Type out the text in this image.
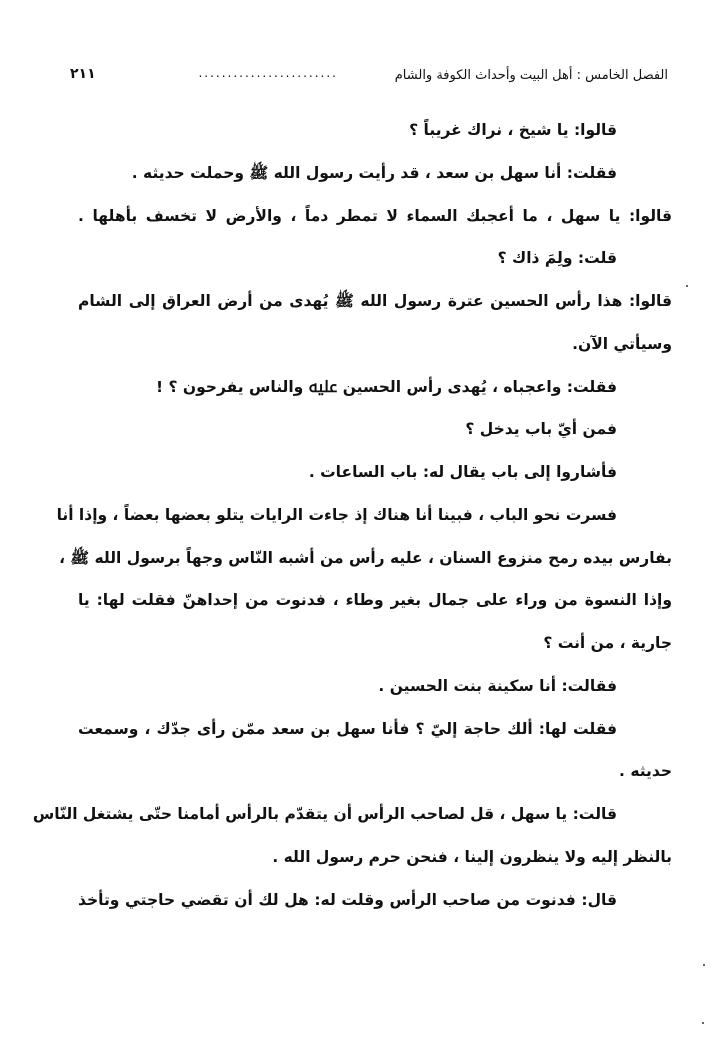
الفصل الخامس : أهل البيت وأحداث الكوفة والشام
........................
٢١١
قالوا: يا شيخ ، نراك غريباً ؟
فقلت: أنا سهل بن سعد ، قد رأيت رسول الله ﷺ وحملت حديثه .
قالوا: يا سهل ، ما أعجبك السماء لا تمطر دماً ، والأرض لا تخسف بأهلها .
قلت: ولِمَ ذاك ؟
قالوا: هذا رأس الحسين عترة رسول الله ﷺ يُهدى من أرض العراق إلى الشام
وسيأتي الآن.
فقلت: واعجباه ، يُهدى رأس الحسين ﷷ والناس يفرحون ؟ !
فمن أيّ باب يدخل ؟
فأشاروا إلى باب يقال له: باب الساعات .
فسرت نحو الباب ، فبينا أنا هناك إذ جاءت الرايات يتلو بعضها بعضاً ، وإذا أنا
بفارس بيده رمح منزوع السنان ، عليه رأس من أشبه النّاس وجهاً برسول الله ﷺ ،
وإذا النسوة من وراء على جمال بغير وطاء ، فدنوت من إحداهنّ فقلت لها: يا
جارية ، من أنت ؟
فقالت: أنا سكينة بنت الحسين .
فقلت لها: ألك حاجة إليّ ؟ فأنا سهل بن سعد ممّن رأى جدّك ، وسمعت
حديثه .
قالت: يا سهل ، قل لصاحب الرأس أن يتقدّم بالرأس أمامنا حتّى يشتغل النّاس
بالنظر إليه ولا ينظرون إلينا ، فنحن حرم رسول الله .
قال: فدنوت من صاحب الرأس وقلت له: هل لك أن تقضي حاجتي وتأخذ
